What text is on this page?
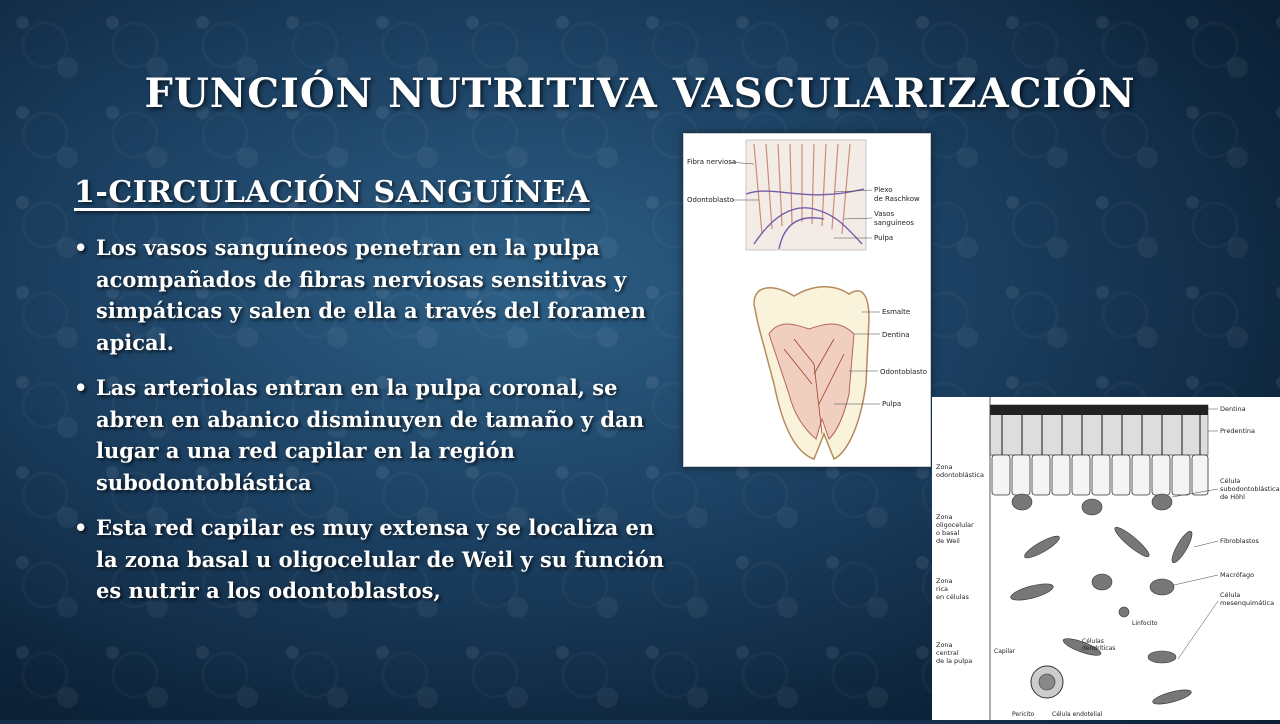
FUNCIÓN NUTRITIVA VASCULARIZACIÓN
1-CIRCULACIÓN SANGUÍNEA
• Los vasos sanguíneos penetran en la pulpa acompañados de fibras nerviosas sensitivas y simpáticas y salen de ella a través del foramen apical.
• Las arteriolas entran en la pulpa coronal, se abren en abanico disminuyen de tamaño y dan lugar a una red capilar en la región subodontoblástica
• Esta red capilar es muy extensa y se localiza en la zona basal u oligocelular de Weil y su función es nutrir a los odontoblastos,
Fibra nerviosa
Odontoblasto
Plexo
de Raschkow
Vasos
sanguíneos
Pulpa
Esmalte
Dentina
Odontoblasto
Pulpa
Zona
odontoblástica
Zona
oligocelular
o basal
de Weil
Zona
rica
en células
Zona
central
de la pulpa
Dentina
Predentina
Célula
subodontoblástica
de Höhl
Fibroblastos
Macrófago
Célula
mesenquimática
Células
dendríticas
Linfocito
Capilar
Pericito	Célula endotelial
